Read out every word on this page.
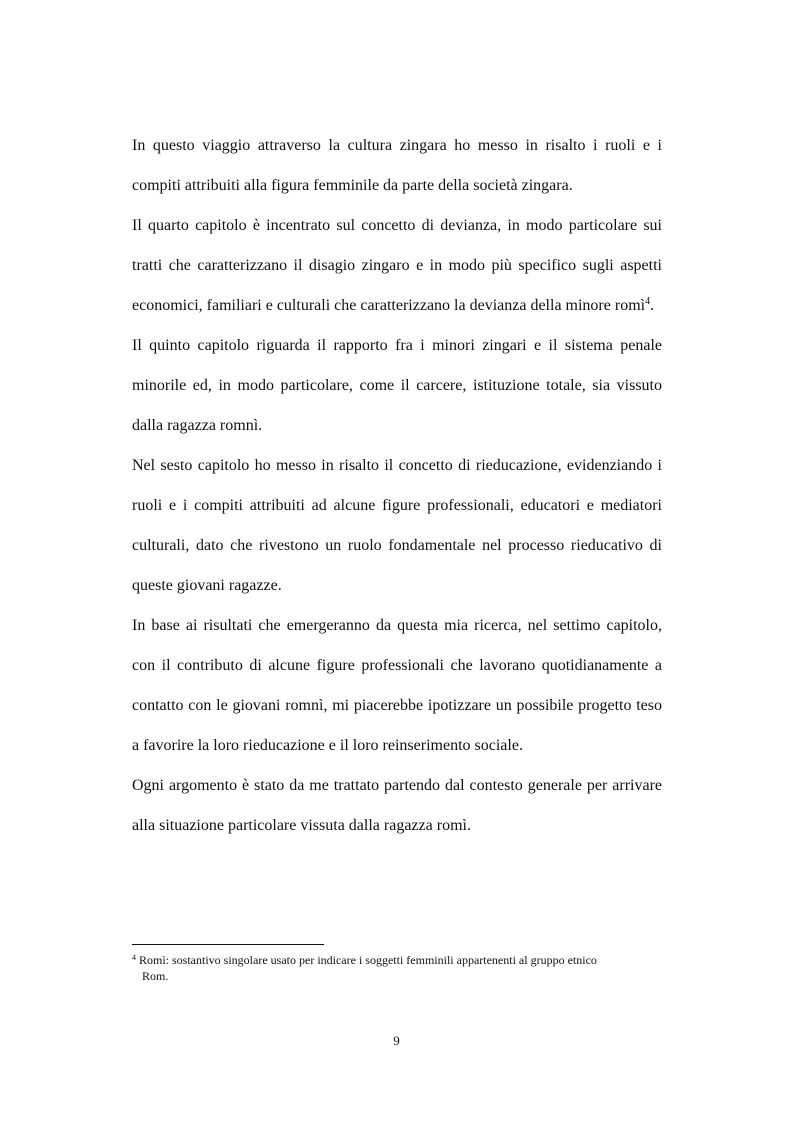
In questo viaggio attraverso la cultura zingara ho messo in risalto i ruoli e i compiti attribuiti alla figura femminile da parte della società zingara.

Il quarto capitolo è incentrato sul concetto di devianza, in modo particolare sui tratti che caratterizzano il disagio zingaro e in modo più specifico sugli aspetti economici, familiari e culturali che caratterizzano la devianza della minore romì$^4$.

Il quinto capitolo riguarda il rapporto fra i minori zingari e il sistema penale minorile ed, in modo particolare, come il carcere, istituzione totale, sia vissuto dalla ragazza romnì.

Nel sesto capitolo ho messo in risalto il concetto di rieducazione, evidenziando i ruoli e i compiti attribuiti ad alcune figure professionali, educatori e mediatori culturali, dato che rivestono un ruolo fondamentale nel processo rieducativo di queste giovani ragazze.

In base ai risultati che emergeranno da questa mia ricerca, nel settimo capitolo, con il contributo di alcune figure professionali che lavorano quotidianamente a contatto con le giovani romnì, mi piacerebbe ipotizzare un possibile progetto teso a favorire la loro rieducazione e il loro reinserimento sociale.

Ogni argomento è stato da me trattato partendo dal contesto generale per arrivare alla situazione particolare vissuta dalla ragazza romì.

$^4$ Romì: sostantivo singolare usato per indicare i soggetti femminili appartenenti al gruppo etnico
Rom.
9
